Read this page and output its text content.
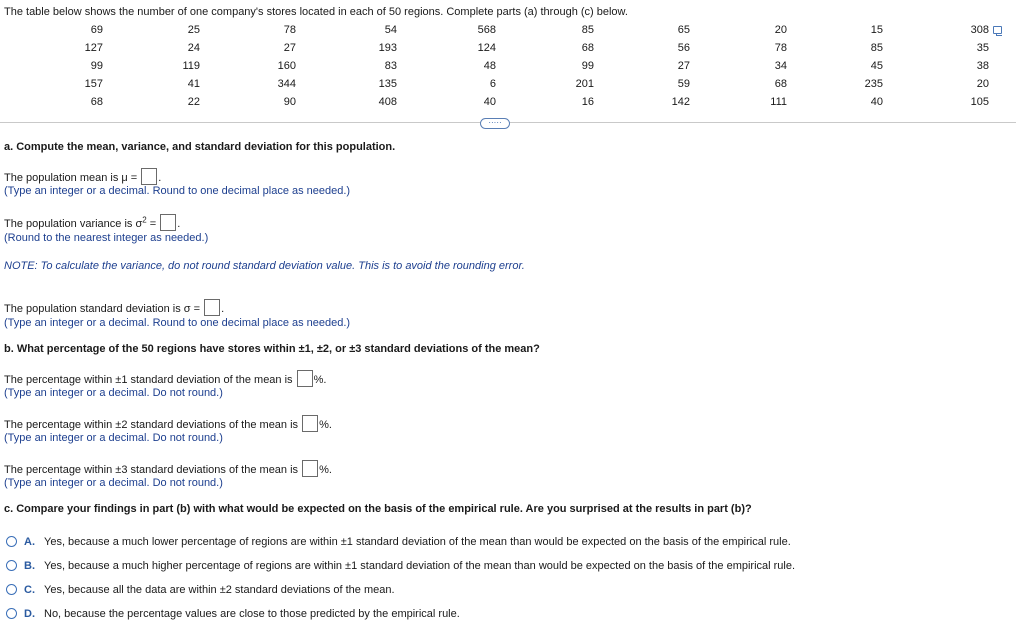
The table below shows the number of one company's stores located in each of 50 regions. Complete parts (a) through (c) below.
69	25	78	54	568	85	65	20	15	308
127	24	27	193	124	68	56	78	85	35
99	119	160	83	48	99	27	34	45	38
157	41	344	135	6	201	59	68	235	20
68	22	90	408	40	16	142	111	40	105
·····
a. Compute the mean, variance, and standard deviation for this population.
The population mean is μ = .
(Type an integer or a decimal. Round to one decimal place as needed.)
The population variance is $\sigma^2$ = .
(Round to the nearest integer as needed.)
NOTE: To calculate the variance, do not round standard deviation value. This is to avoid the rounding error.
The population standard deviation is σ = .
(Type an integer or a decimal. Round to one decimal place as needed.)
b. What percentage of the 50 regions have stores within ±1, ±2, or ±3 standard deviations of the mean?
The percentage within ±1 standard deviation of the mean is %.
(Type an integer or a decimal. Do not round.)
The percentage within ±2 standard deviations of the mean is %.
(Type an integer or a decimal. Do not round.)
The percentage within ±3 standard deviations of the mean is %.
(Type an integer or a decimal. Do not round.)
c. Compare your findings in part (b) with what would be expected on the basis of the empirical rule. Are you surprised at the results in part (b)?
A. Yes, because a much lower percentage of regions are within ±1 standard deviation of the mean than would be expected on the basis of the empirical rule.
B. Yes, because a much higher percentage of regions are within ±1 standard deviation of the mean than would be expected on the basis of the empirical rule.
C. Yes, because all the data are within ±2 standard deviations of the mean.
D. No, because the percentage values are close to those predicted by the empirical rule.
